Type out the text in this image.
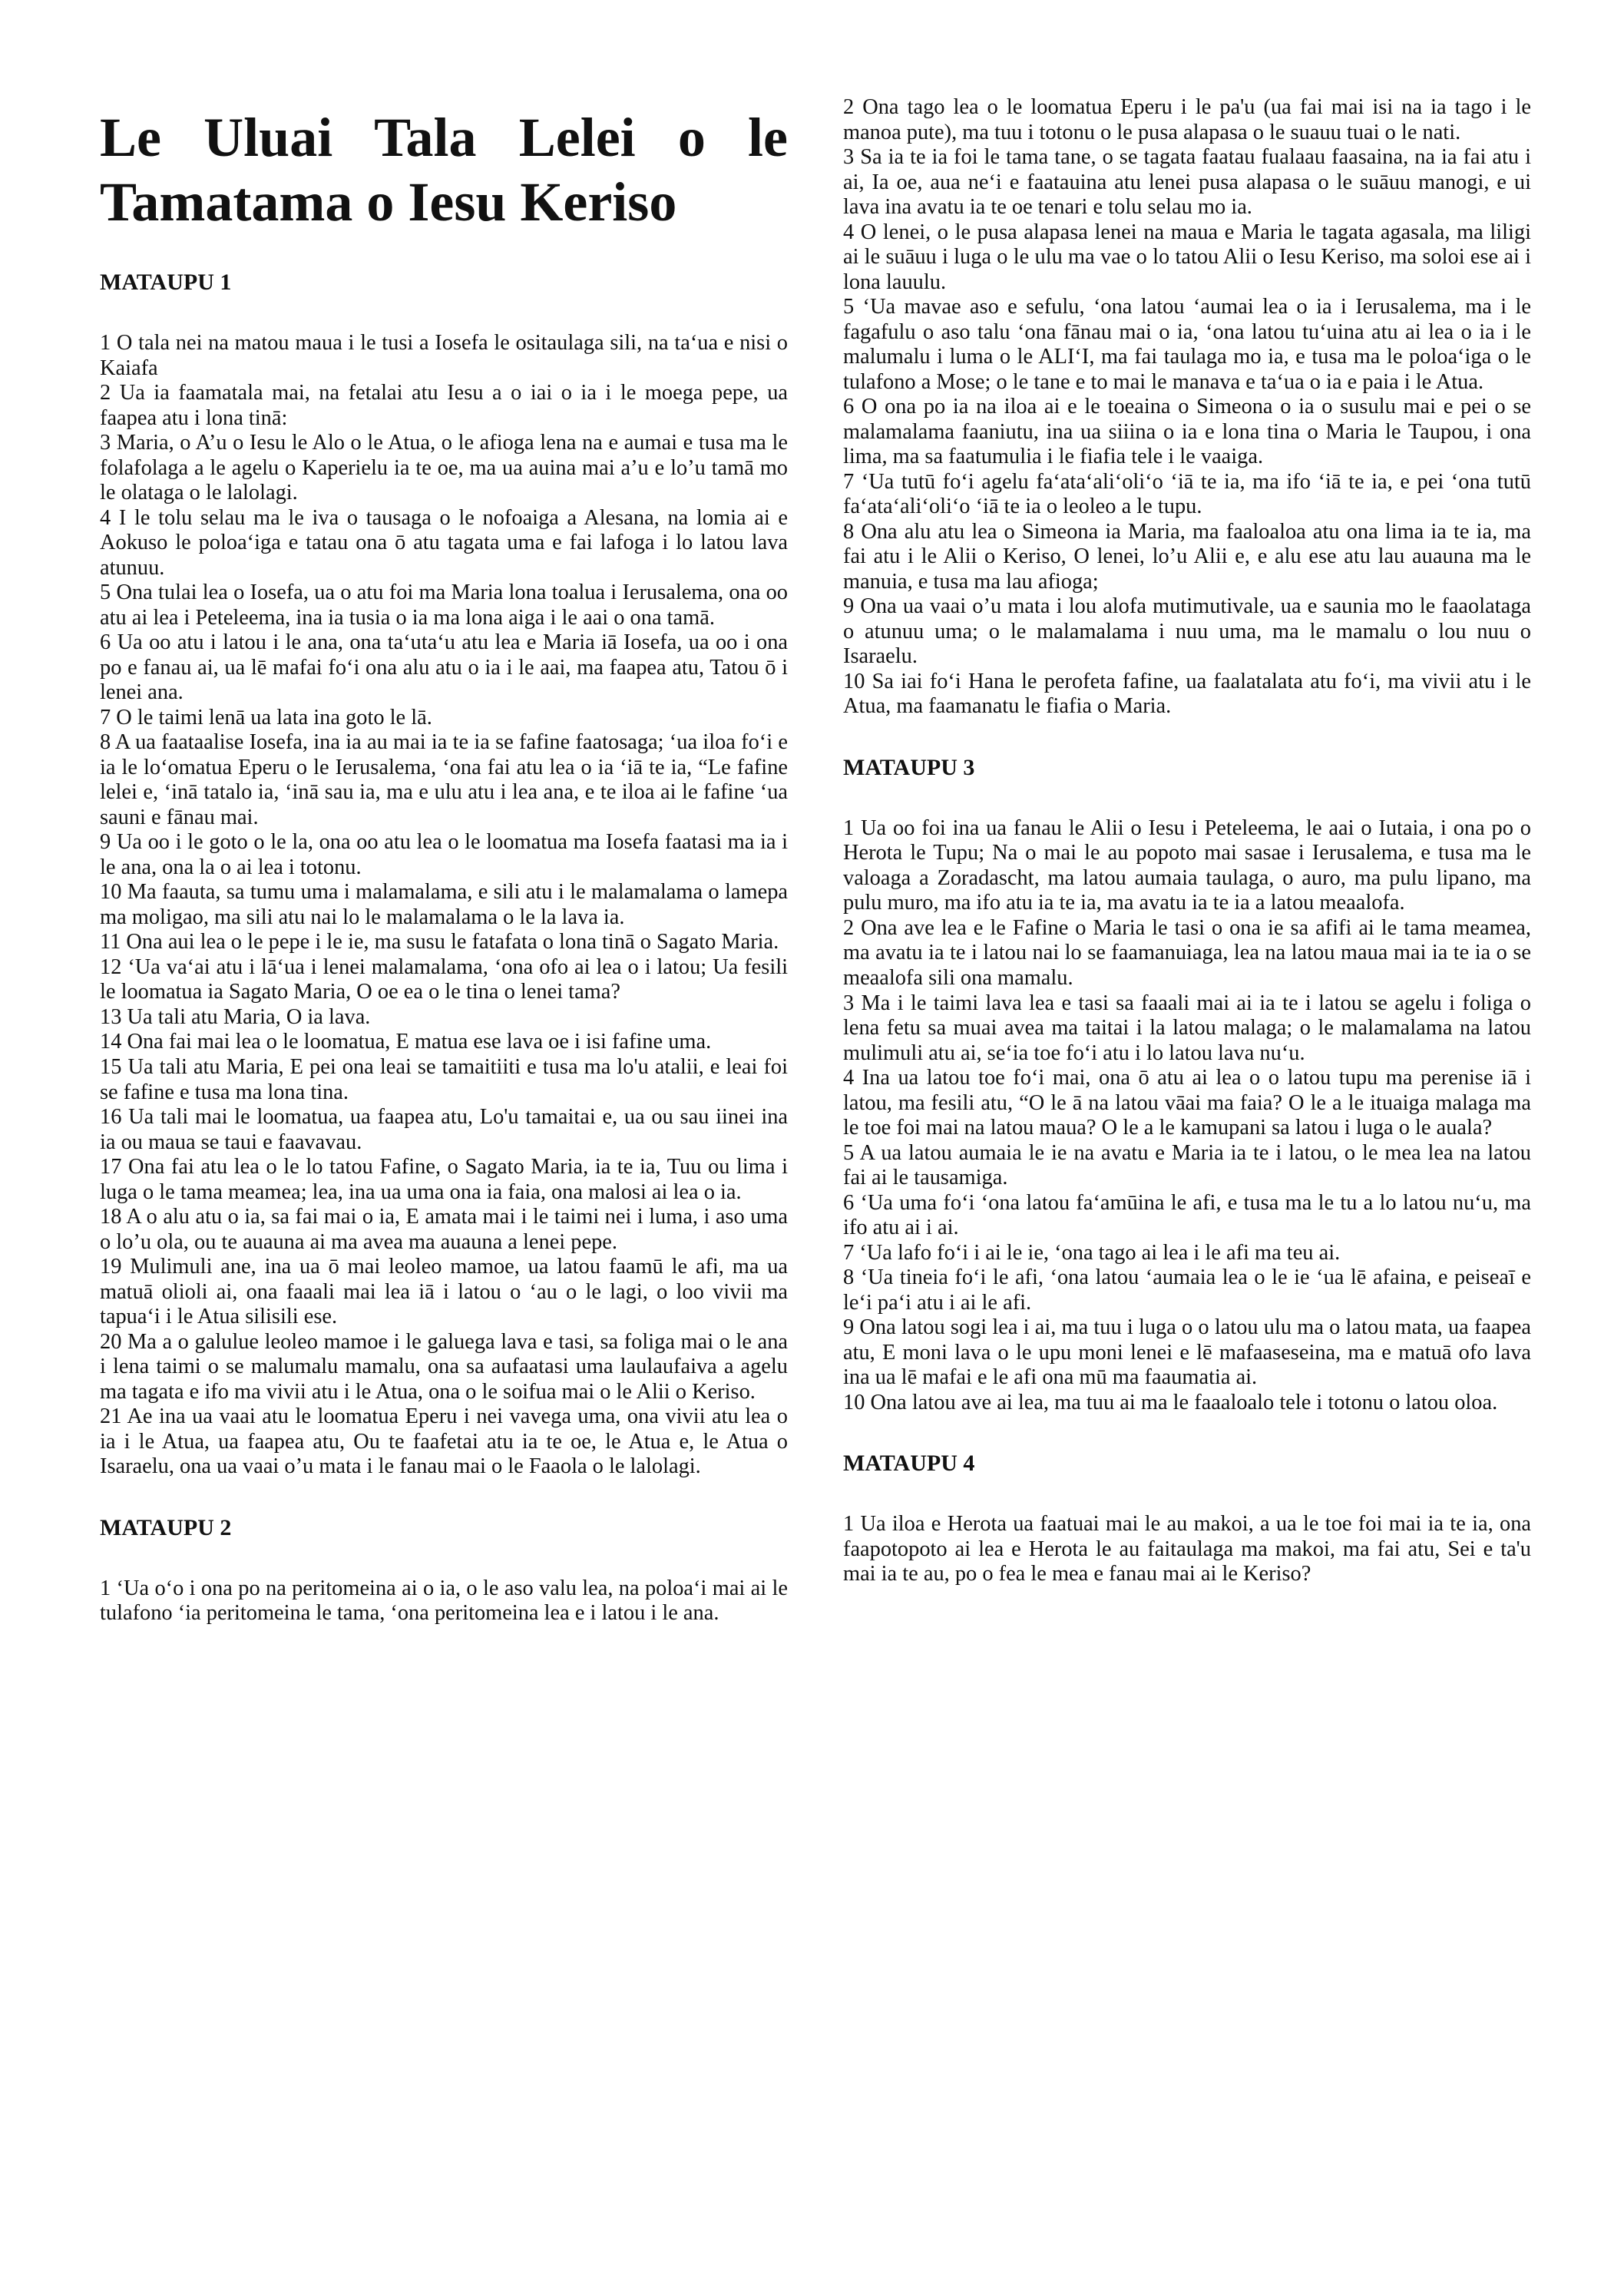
Le Uluai Tala Lelei o le Tamatama o Iesu Keriso
MATAUPU 1

1 O tala nei na matou maua i le tusi a Iosefa le ositaulaga sili, na ta‘ua e nisi o Kaiafa

2 Ua ia faamatala mai, na fetalai atu Iesu a o iai o ia i le moega pepe, ua faapea atu i lona tinā:

3 Maria, o A’u o Iesu le Alo o le Atua, o le afioga lena na e aumai e tusa ma le folafolaga a le agelu o Kaperielu ia te oe, ma ua auina mai a’u e lo’u tamā mo le olataga o le lalolagi.

4 I le tolu selau ma le iva o tausaga o le nofoaiga a Alesana, na lomia ai e Aokuso le poloa‘iga e tatau ona ō atu tagata uma e fai lafoga i lo latou lava atunuu.

5 Ona tulai lea o Iosefa, ua o atu foi ma Maria lona toalua i Ierusalema, ona oo atu ai lea i Peteleema, ina ia tusia o ia ma lona aiga i le aai o ona tamā.

6 Ua oo atu i latou i le ana, ona ta‘uta‘u atu lea e Maria iā Iosefa, ua oo i ona po e fanau ai, ua lē mafai fo‘i ona alu atu o ia i le aai, ma faapea atu, Tatou ō i lenei ana.

7 O le taimi lenā ua lata ina goto le lā.

8 A ua faataalise Iosefa, ina ia au mai ia te ia se fafine faatosaga; ‘ua iloa fo‘i e ia le lo‘omatua Eperu o le Ierusalema, ‘ona fai atu lea o ia ‘iā te ia, “Le fafine lelei e, ‘inā tatalo ia, ‘inā sau ia, ma e ulu atu i lea ana, e te iloa ai le fafine ‘ua sauni e fānau mai.

9 Ua oo i le goto o le la, ona oo atu lea o le loomatua ma Iosefa faatasi ma ia i le ana, ona la o ai lea i totonu.

10 Ma faauta, sa tumu uma i malamalama, e sili atu i le malamalama o lamepa ma moligao, ma sili atu nai lo le malamalama o le la lava ia.

11 Ona aui lea o le pepe i le ie, ma susu le fatafata o lona tinā o Sagato Maria.

12 ‘Ua va‘ai atu i lā‘ua i lenei malamalama, ‘ona ofo ai lea o i latou; Ua fesili le loomatua ia Sagato Maria, O oe ea o le tina o lenei tama?

13 Ua tali atu Maria, O ia lava.

14 Ona fai mai lea o le loomatua, E matua ese lava oe i isi fafine uma.

15 Ua tali atu Maria, E pei ona leai se tamaitiiti e tusa ma lo'u atalii, e leai foi se fafine e tusa ma lona tina.

16 Ua tali mai le loomatua, ua faapea atu, Lo'u tamaitai e, ua ou sau iinei ina ia ou maua se taui e faavavau.

17 Ona fai atu lea o le lo tatou Fafine, o Sagato Maria, ia te ia, Tuu ou lima i luga o le tama meamea; lea, ina ua uma ona ia faia, ona malosi ai lea o ia.

18 A o alu atu o ia, sa fai mai o ia, E amata mai i le taimi nei i luma, i aso uma o lo’u ola, ou te auauna ai ma avea ma auauna a lenei pepe.

19 Mulimuli ane, ina ua ō mai leoleo mamoe, ua latou faamū le afi, ma ua matuā olioli ai, ona faaali mai lea iā i latou o ‘au o le lagi, o loo vivii ma tapua‘i i le Atua silisili ese.

20 Ma a o galulue leoleo mamoe i le galuega lava e tasi, sa foliga mai o le ana i lena taimi o se malumalu mamalu, ona sa aufaatasi uma laulaufaiva a agelu ma tagata e ifo ma vivii atu i le Atua, ona o le soifua mai o le Alii o Keriso.

21 Ae ina ua vaai atu le loomatua Eperu i nei vavega uma, ona vivii atu lea o ia i le Atua, ua faapea atu, Ou te faafetai atu ia te oe, le Atua e, le Atua o Isaraelu, ona ua vaai o’u mata i le fanau mai o le Faaola o le lalolagi.

MATAUPU 2

1 ‘Ua o‘o i ona po na peritomeina ai o ia, o le aso valu lea, na poloa‘i mai ai le tulafono ‘ia peritomeina le tama, ‘ona peritomeina lea e i latou i le ana.

2 Ona tago lea o le loomatua Eperu i le pa'u (ua fai mai isi na ia tago i le manoa pute), ma tuu i totonu o le pusa alapasa o le suauu tuai o le nati.

3 Sa ia te ia foi le tama tane, o se tagata faatau fualaau faasaina, na ia fai atu i ai, Ia oe, aua ne‘i e faatauina atu lenei pusa alapasa o le suāuu manogi, e ui lava ina avatu ia te oe tenari e tolu selau mo ia.

4 O lenei, o le pusa alapasa lenei na maua e Maria le tagata agasala, ma liligi ai le suāuu i luga o le ulu ma vae o lo tatou Alii o Iesu Keriso, ma soloi ese ai i lona lauulu.

5 ‘Ua mavae aso e sefulu, ‘ona latou ‘aumai lea o ia i Ierusalema, ma i le fagafulu o aso talu ‘ona fānau mai o ia, ‘ona latou tu‘uina atu ai lea o ia i le malumalu i luma o le ALI‘I, ma fai taulaga mo ia, e tusa ma le poloa‘iga o le tulafono a Mose; o le tane e to mai le manava e ta‘ua o ia e paia i le Atua.

6 O ona po ia na iloa ai e le toeaina o Simeona o ia o susulu mai e pei o se malamalama faaniutu, ina ua siiina o ia e lona tina o Maria le Taupou, i ona lima, ma sa faatumulia i le fiafia tele i le vaaiga.

7 ‘Ua tutū fo‘i agelu fa‘ata‘ali‘oli‘o ‘iā te ia, ma ifo ‘iā te ia, e pei ‘ona tutū fa‘ata‘ali‘oli‘o ‘iā te ia o leoleo a le tupu.

8 Ona alu atu lea o Simeona ia Maria, ma faaloaloa atu ona lima ia te ia, ma fai atu i le Alii o Keriso, O lenei, lo’u Alii e, e alu ese atu lau auauna ma le manuia, e tusa ma lau afioga;

9 Ona ua vaai o’u mata i lou alofa mutimutivale, ua e saunia mo le faaolataga o atunuu uma; o le malamalama i nuu uma, ma le mamalu o lou nuu o Isaraelu.

10 Sa iai fo‘i Hana le perofeta fafine, ua faalatalata atu fo‘i, ma vivii atu i le Atua, ma faamanatu le fiafia o Maria.

MATAUPU 3

1 Ua oo foi ina ua fanau le Alii o Iesu i Peteleema, le aai o Iutaia, i ona po o Herota le Tupu; Na o mai le au popoto mai sasae i Ierusalema, e tusa ma le valoaga a Zoradascht, ma latou aumaia taulaga, o auro, ma pulu lipano, ma pulu muro, ma ifo atu ia te ia, ma avatu ia te ia a latou meaalofa.

2 Ona ave lea e le Fafine o Maria le tasi o ona ie sa afifi ai le tama meamea, ma avatu ia te i latou nai lo se faamanuiaga, lea na latou maua mai ia te ia o se meaalofa sili ona mamalu.

3 Ma i le taimi lava lea e tasi sa faaali mai ai ia te i latou se agelu i foliga o lena fetu sa muai avea ma taitai i la latou malaga; o le malamalama na latou mulimuli atu ai, se‘ia toe fo‘i atu i lo latou lava nu‘u.

4 Ina ua latou toe fo‘i mai, ona ō atu ai lea o o latou tupu ma perenise iā i latou, ma fesili atu, “O le ā na latou vāai ma faia? O le a le ituaiga malaga ma le toe foi mai na latou maua? O le a le kamupani sa latou i luga o le auala?

5 A ua latou aumaia le ie na avatu e Maria ia te i latou, o le mea lea na latou fai ai le tausamiga.

6 ‘Ua uma fo‘i ‘ona latou fa‘amūina le afi, e tusa ma le tu a lo latou nu‘u, ma ifo atu ai i ai.

7 ‘Ua lafo fo‘i i ai le ie, ‘ona tago ai lea i le afi ma teu ai.

8 ‘Ua tineia fo‘i le afi, ‘ona latou ‘aumaia lea o le ie ‘ua lē afaina, e peiseaī e le‘i pa‘i atu i ai le afi.

9 Ona latou sogi lea i ai, ma tuu i luga o o latou ulu ma o latou mata, ua faapea atu, E moni lava o le upu moni lenei e lē mafaaseseina, ma e matuā ofo lava ina ua lē mafai e le afi ona mū ma faaumatia ai.

10 Ona latou ave ai lea, ma tuu ai ma le faaaloalo tele i totonu o latou oloa.

MATAUPU 4

1 Ua iloa e Herota ua faatuai mai le au makoi, a ua le toe foi mai ia te ia, ona faapotopoto ai lea e Herota le au faitaulaga ma makoi, ma fai atu, Sei e ta'u mai ia te au, po o fea le mea e fanau mai ai le Keriso?
